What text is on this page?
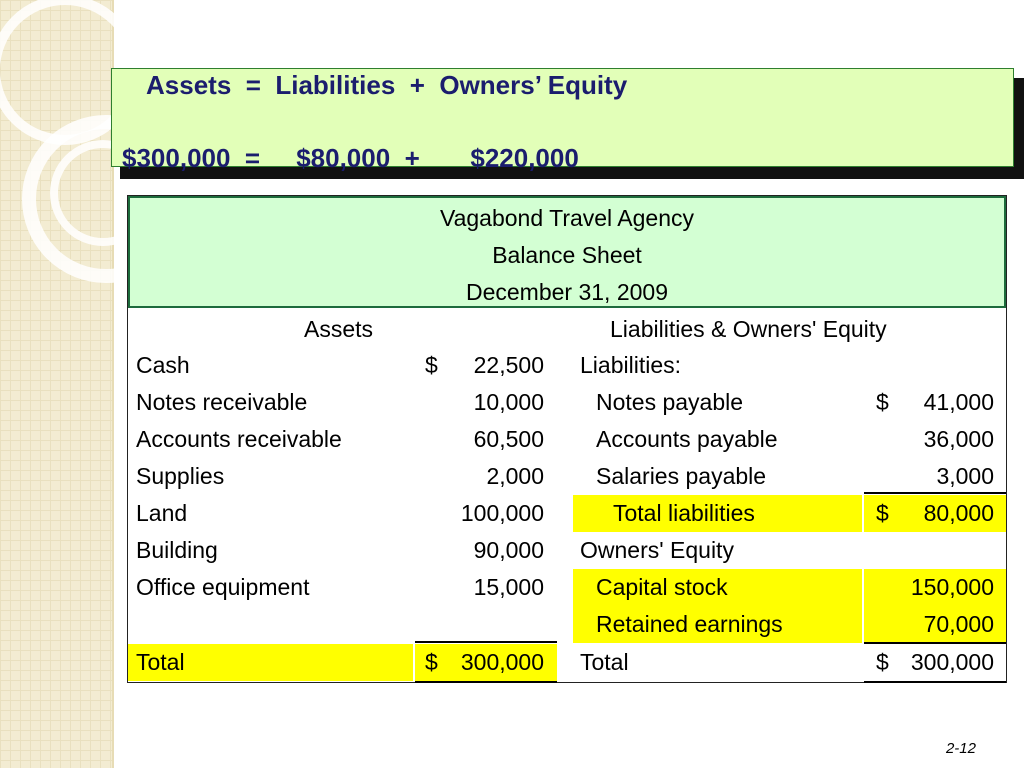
Assets  =  Liabilities  +  Owners’ Equity
$300,000  =     $80,000  +       $220,000
Vagabond Travel Agency
Balance Sheet
December 31, 2009
Assets	Liabilities & Owners' Equity
Cash	$	22,500
Notes receivable	10,000
Accounts receivable	60,500
Supplies	2,000
Land	100,000
Building	90,000
Office equipment	15,000
Total	$ 300,000
Liabilities:
Notes payable	$	41,000
Accounts payable	36,000
Salaries payable	3,000
Total liabilities	$ 80,000
Owners' Equity
Capital stock	150,000
Retained earnings	70,000
Total	$ 300,000
2-12
